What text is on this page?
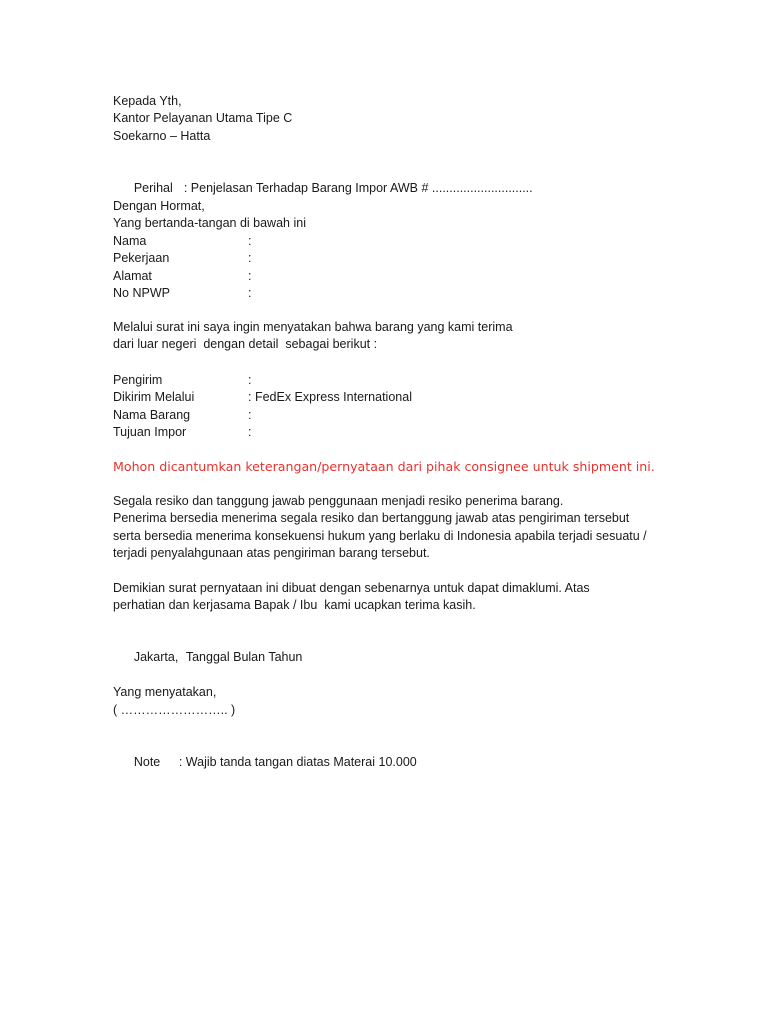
Kepada Yth,
Kantor Pelayanan Utama Tipe C
Soekarno – Hatta

Perihal : Penjelasan Terhadap Barang Impor AWB # .............................

Dengan Hormat,
Yang bertanda-tangan di bawah ini
Nama	:
Pekerjaan	:
Alamat	:
No NPWP	:
Melalui surat ini saya ingin menyatakan bahwa barang yang kami terima
dari luar negeri  dengan detail  sebagai berikut :
Pengirim	:
Dikirim Melalui	: FedEx Express International
Nama Barang	:
Tujuan Impor	:
Mohon dicantumkan keterangan/pernyataan dari pihak consignee untuk shipment ini.
Segala resiko dan tanggung jawab penggunaan menjadi resiko penerima barang.
Penerima bersedia menerima segala resiko dan bertanggung jawab atas pengiriman tersebut
serta bersedia menerima konsekuensi hukum yang berlaku di Indonesia apabila terjadi sesuatu /
terjadi penyalahgunaan atas pengiriman barang tersebut.
Demikian surat pernyataan ini dibuat dengan sebenarnya untuk dapat dimaklumi. Atas
perhatian dan kerjasama Bapak / Ibu  kami ucapkan terima kasih.

Jakarta, Tanggal Bulan Tahun

Yang menyatakan,
( …………………….. )

Note : Wajib tanda tangan diatas Materai 10.000
